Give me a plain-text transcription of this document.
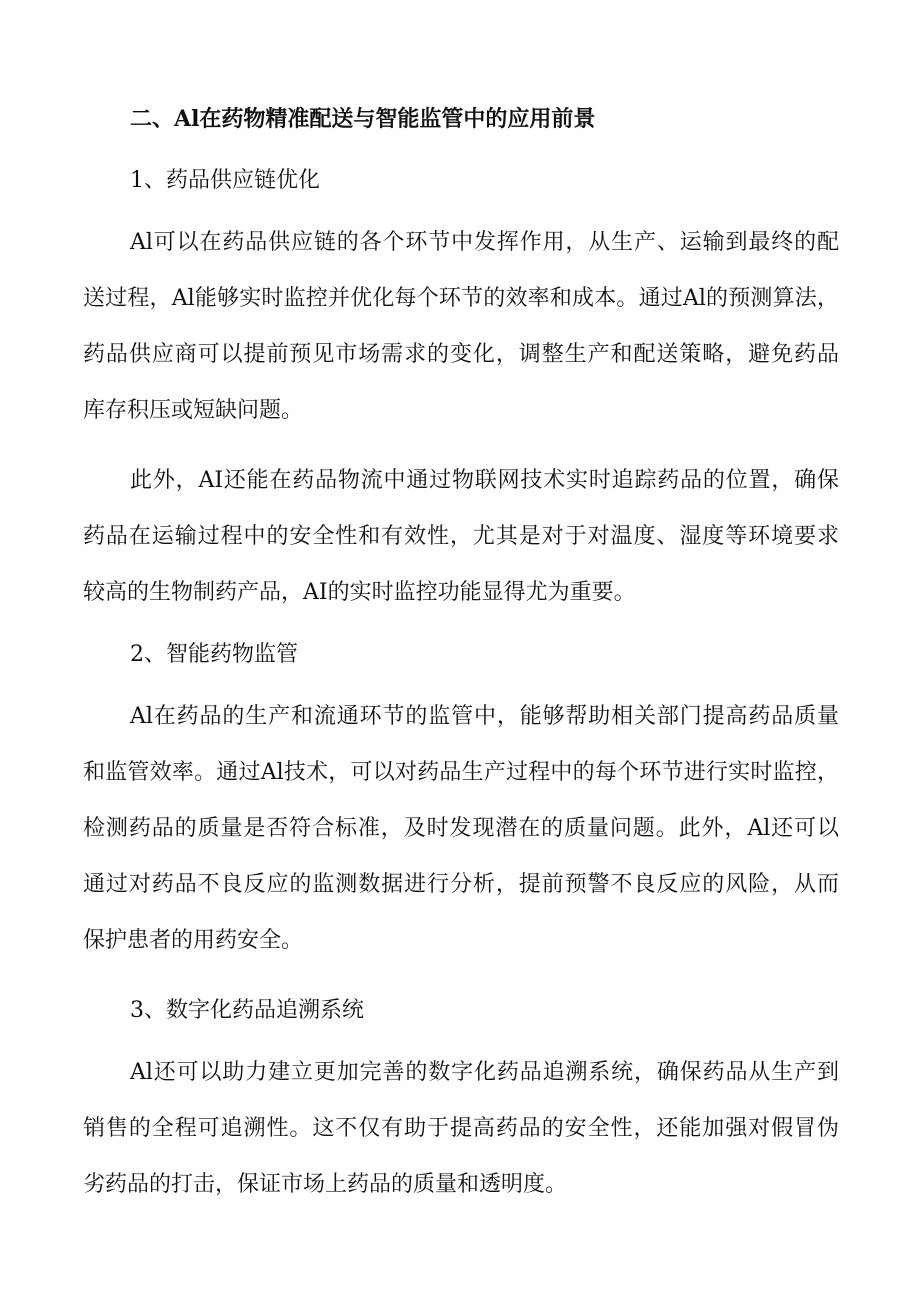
二、Al在药物精准配送与智能监管中的应用前景
1、药品供应链优化
Al可以在药品供应链的各个环节中发挥作用，从生产、运输到最终的配
送过程，Al能够实时监控并优化每个环节的效率和成本。通过Al的预测算法，
药品供应商可以提前预见市场需求的变化，调整生产和配送策略，避免药品
库存积压或短缺问题。
此外，AI还能在药品物流中通过物联网技术实时追踪药品的位置，确保
药品在运输过程中的安全性和有效性，尤其是对于对温度、湿度等环境要求
较高的生物制药产品，AI的实时监控功能显得尤为重要。
2、智能药物监管
Al在药品的生产和流通环节的监管中，能够帮助相关部门提高药品质量
和监管效率。通过Al技术，可以对药品生产过程中的每个环节进行实时监控，
检测药品的质量是否符合标准，及时发现潜在的质量问题。此外，Al还可以
通过对药品不良反应的监测数据进行分析，提前预警不良反应的风险，从而
保护患者的用药安全。
3、数字化药品追溯系统
Al还可以助力建立更加完善的数字化药品追溯系统，确保药品从生产到
销售的全程可追溯性。这不仅有助于提高药品的安全性，还能加强对假冒伪
劣药品的打击，保证市场上药品的质量和透明度。
